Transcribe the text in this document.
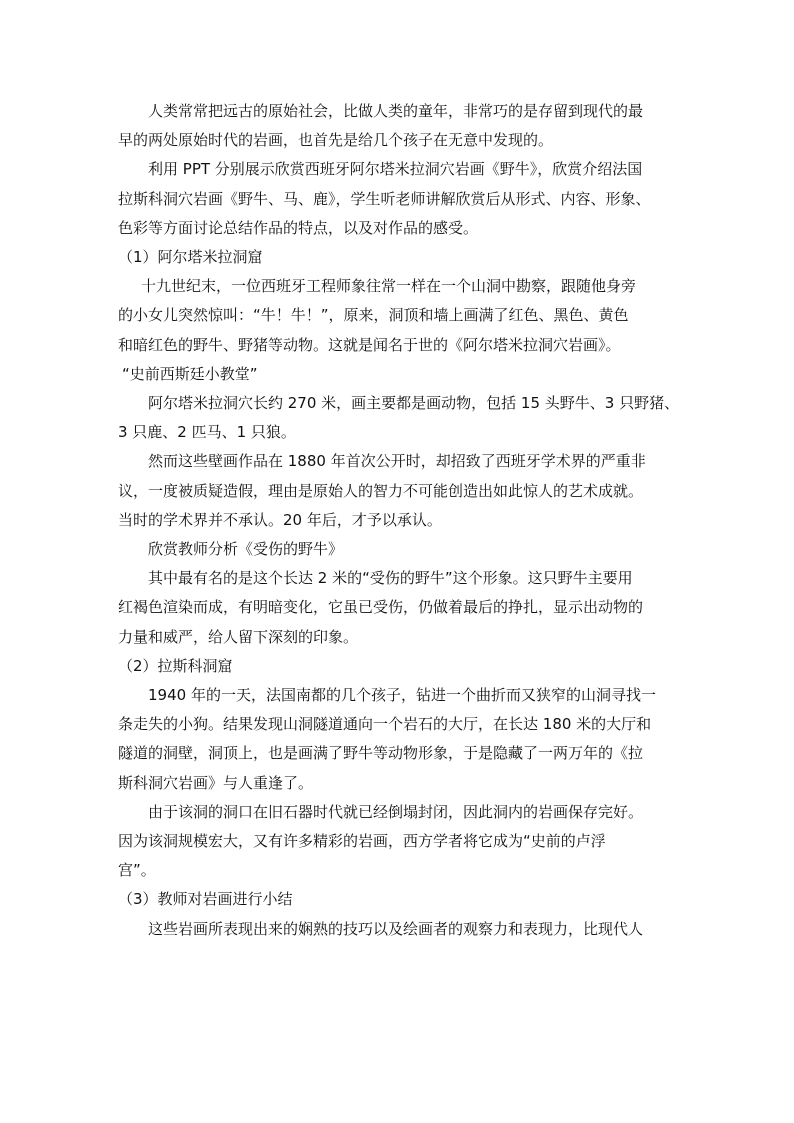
人类常常把远古的原始社会，比做人类的童年，非常巧的是存留到现代的最

早的两处原始时代的岩画，也首先是给几个孩子在无意中发现的。

利用 PPT 分别展示欣赏西班牙阿尔塔米拉洞穴岩画《野牛》，欣赏介绍法国

拉斯科洞穴岩画《野牛、马、鹿》，学生听老师讲解欣赏后从形式、内容、形象、

色彩等方面讨论总结作品的特点，以及对作品的感受。

（1）阿尔塔米拉洞窟

十九世纪末，一位西班牙工程师象往常一样在一个山洞中勘察，跟随他身旁

的小女儿突然惊叫：“牛！牛！”，原来，洞顶和墙上画满了红色、黑色、黄色

和暗红色的野牛、野猪等动物。这就是闻名于世的《阿尔塔米拉洞穴岩画》。

“史前西斯廷小教堂”

阿尔塔米拉洞穴长约 270 米，画主要都是画动物，包括 15 头野牛、3 只野猪、

3 只鹿、2 匹马、1 只狼。

然而这些壁画作品在 1880 年首次公开时，却招致了西班牙学术界的严重非

议，一度被质疑造假，理由是原始人的智力不可能创造出如此惊人的艺术成就。

当时的学术界并不承认。20 年后，才予以承认。

欣赏教师分析《受伤的野牛》

其中最有名的是这个长达 2 米的“受伤的野牛”这个形象。这只野牛主要用

红褐色渲染而成，有明暗变化，它虽已受伤，仍做着最后的挣扎，显示出动物的

力量和威严，给人留下深刻的印象。

（2）拉斯科洞窟

1940 年的一天，法国南都的几个孩子，钻进一个曲折而又狭窄的山洞寻找一

条走失的小狗。结果发现山洞隧道通向一个岩石的大厅，在长达 180 米的大厅和

隧道的洞壁，洞顶上，也是画满了野牛等动物形象，于是隐藏了一两万年的《拉

斯科洞穴岩画》与人重逢了。

由于该洞的洞口在旧石器时代就已经倒塌封闭，因此洞内的岩画保存完好。

因为该洞规模宏大，又有许多精彩的岩画，西方学者将它成为“史前的卢浮

宫”。

（3）教师对岩画进行小结

这些岩画所表现出来的娴熟的技巧以及绘画者的观察力和表现力，比现代人
